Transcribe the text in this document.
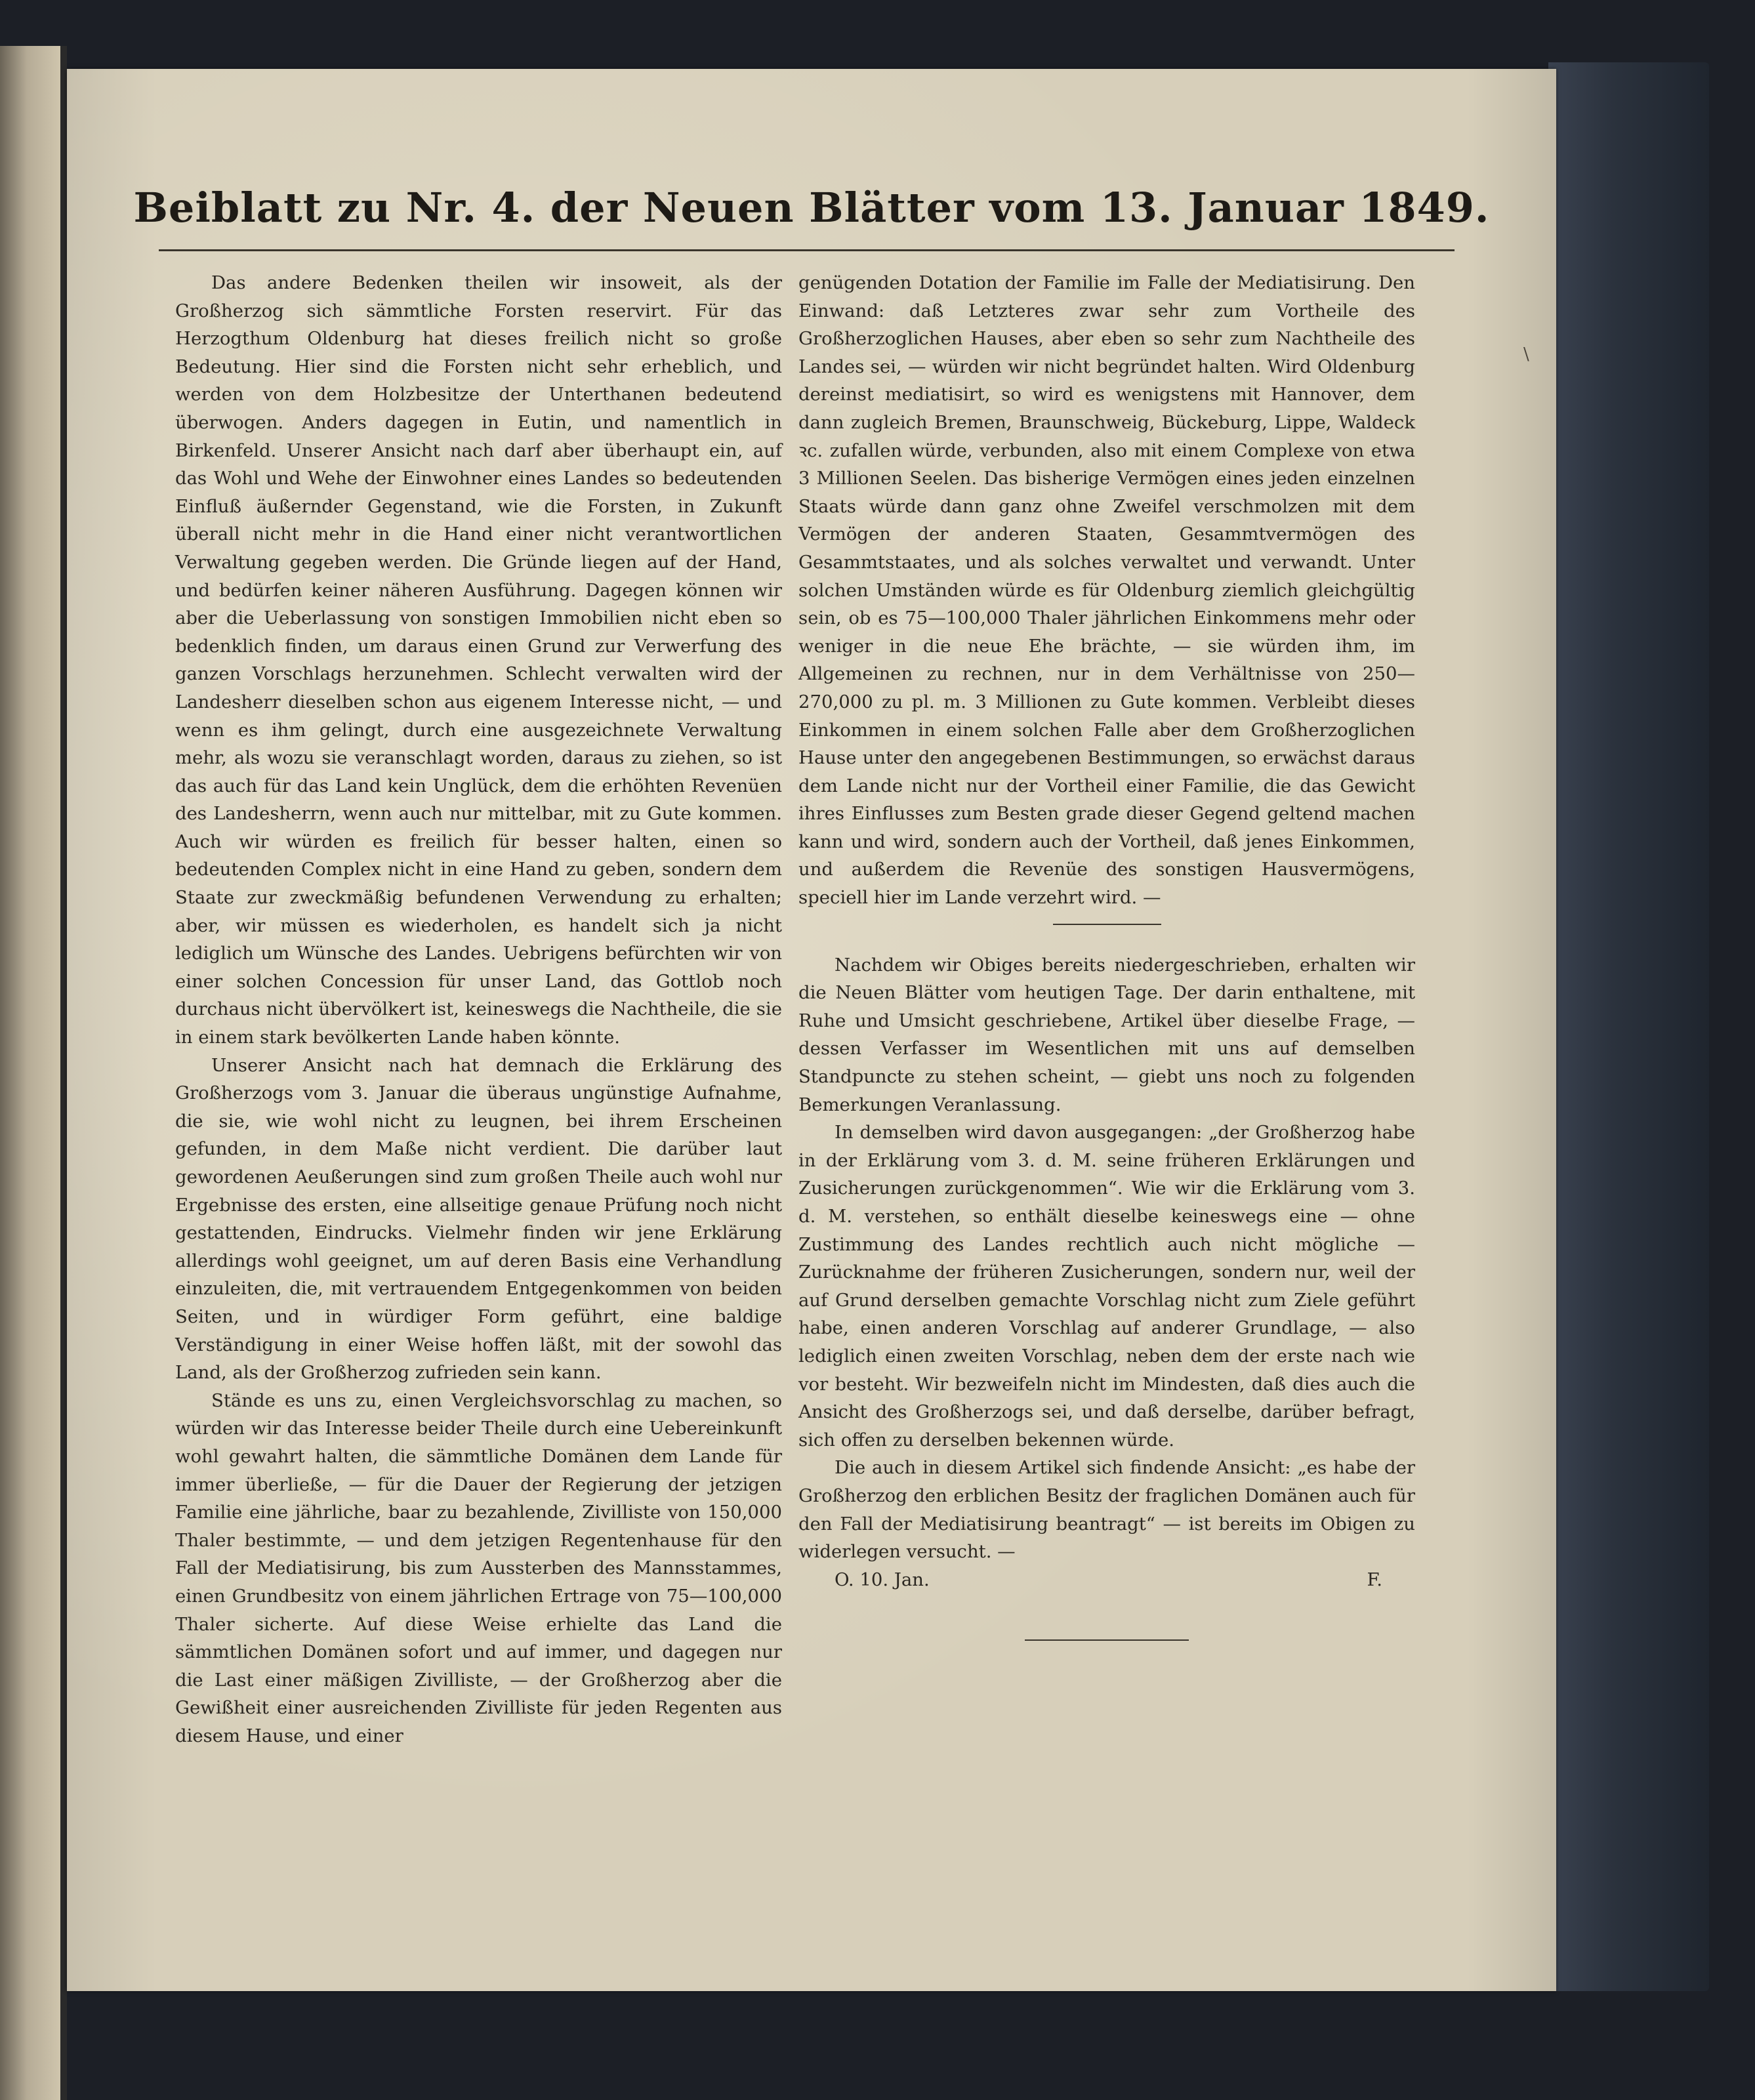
Beiblatt zu Nr. 4. der Neuen Blätter vom 13. Januar 1849.

Das andere Bedenken theilen wir insoweit, als der Großherzog sich sämmtliche Forsten reservirt. Für das Herzogthum Oldenburg hat dieses freilich nicht so große Bedeutung. Hier sind die Forsten nicht sehr erheblich, und werden von dem Holzbesitze der Unterthanen bedeutend überwogen. Anders dagegen in Eutin, und namentlich in Birkenfeld. Unserer Ansicht nach darf aber überhaupt ein, auf das Wohl und Wehe der Einwohner eines Landes so bedeutenden Einfluß äußernder Gegenstand, wie die Forsten, in Zukunft überall nicht mehr in die Hand einer nicht verantwortlichen Verwaltung gegeben werden. Die Gründe liegen auf der Hand, und bedürfen keiner näheren Ausführung. Dagegen können wir aber die Ueberlassung von sonstigen Immobilien nicht eben so bedenklich finden, um daraus einen Grund zur Verwerfung des ganzen Vorschlags herzunehmen. Schlecht verwalten wird der Landesherr dieselben schon aus eigenem Interesse nicht, — und wenn es ihm gelingt, durch eine ausgezeichnete Verwaltung mehr, als wozu sie veranschlagt worden, daraus zu ziehen, so ist das auch für das Land kein Unglück, dem die erhöhten Revenüen des Landesherrn, wenn auch nur mittelbar, mit zu Gute kommen. Auch wir würden es freilich für besser halten, einen so bedeutenden Complex nicht in eine Hand zu geben, sondern dem Staate zur zweckmäßig befundenen Verwendung zu erhalten; aber, wir müssen es wiederholen, es handelt sich ja nicht lediglich um Wünsche des Landes. Uebrigens befürchten wir von einer solchen Concession für unser Land, das Gottlob noch durchaus nicht übervölkert ist, keineswegs die Nachtheile, die sie in einem stark bevölkerten Lande haben könnte.

Unserer Ansicht nach hat demnach die Erklärung des Großherzogs vom 3. Januar die überaus ungünstige Aufnahme, die sie, wie wohl nicht zu leugnen, bei ihrem Erscheinen gefunden, in dem Maße nicht verdient. Die darüber laut gewordenen Aeußerungen sind zum großen Theile auch wohl nur Ergebnisse des ersten, eine allseitige genaue Prüfung noch nicht gestattenden, Eindrucks. Vielmehr finden wir jene Erklärung allerdings wohl geeignet, um auf deren Basis eine Verhandlung einzuleiten, die, mit vertrauendem Entgegenkommen von beiden Seiten, und in würdiger Form geführt, eine baldige Verständigung in einer Weise hoffen läßt, mit der sowohl das Land, als der Großherzog zufrieden sein kann.

Stände es uns zu, einen Vergleichsvorschlag zu machen, so würden wir das Interesse beider Theile durch eine Uebereinkunft wohl gewahrt halten, die sämmtliche Domänen dem Lande für immer überließe, — für die Dauer der Regierung der jetzigen Familie eine jährliche, baar zu bezahlende, Zivilliste von 150,000 Thaler bestimmte, — und dem jetzigen Regentenhause für den Fall der Mediatisirung, bis zum Aussterben des Mannsstammes, einen Grundbesitz von einem jährlichen Ertrage von 75—100,000 Thaler sicherte. Auf diese Weise erhielte das Land die sämmtlichen Domänen sofort und auf immer, und dagegen nur die Last einer mäßigen Zivilliste, — der Großherzog aber die Gewißheit einer ausreichenden Zivilliste für jeden Regenten aus diesem Hause, und einer

genügenden Dotation der Familie im Falle der Mediatisirung. Den Einwand: daß Letzteres zwar sehr zum Vortheile des Großherzoglichen Hauses, aber eben so sehr zum Nachtheile des Landes sei, — würden wir nicht begründet halten. Wird Oldenburg dereinst mediatisirt, so wird es wenigstens mit Hannover, dem dann zugleich Bremen, Braunschweig, Bückeburg, Lippe, Waldeck ꝛc. zufallen würde, verbunden, also mit einem Complexe von etwa 3 Millionen Seelen. Das bisherige Vermögen eines jeden einzelnen Staats würde dann ganz ohne Zweifel verschmolzen mit dem Vermögen der anderen Staaten, Gesammtvermögen des Gesammtstaates, und als solches verwaltet und verwandt. Unter solchen Umständen würde es für Oldenburg ziemlich gleichgültig sein, ob es 75—100,000 Thaler jährlichen Einkommens mehr oder weniger in die neue Ehe brächte, — sie würden ihm, im Allgemeinen zu rechnen, nur in dem Verhältnisse von 250—270,000 zu pl. m. 3 Millionen zu Gute kommen. Verbleibt dieses Einkommen in einem solchen Falle aber dem Großherzoglichen Hause unter den angegebenen Bestimmungen, so erwächst daraus dem Lande nicht nur der Vortheil einer Familie, die das Gewicht ihres Einflusses zum Besten grade dieser Gegend geltend machen kann und wird, sondern auch der Vortheil, daß jenes Einkommen, und außerdem die Revenüe des sonstigen Hausvermögens, speciell hier im Lande verzehrt wird. —

Nachdem wir Obiges bereits niedergeschrieben, erhalten wir die Neuen Blätter vom heutigen Tage. Der darin enthaltene, mit Ruhe und Umsicht geschriebene, Artikel über dieselbe Frage, — dessen Verfasser im Wesentlichen mit uns auf demselben Standpuncte zu stehen scheint, — giebt uns noch zu folgenden Bemerkungen Veranlassung.

In demselben wird davon ausgegangen: „der Großherzog habe in der Erklärung vom 3. d. M. seine früheren Erklärungen und Zusicherungen zurückgenommen“. Wie wir die Erklärung vom 3. d. M. verstehen, so enthält dieselbe keineswegs eine — ohne Zustimmung des Landes rechtlich auch nicht mögliche — Zurücknahme der früheren Zusicherungen, sondern nur, weil der auf Grund derselben gemachte Vorschlag nicht zum Ziele geführt habe, einen anderen Vorschlag auf anderer Grundlage, — also lediglich einen zweiten Vorschlag, neben dem der erste nach wie vor besteht. Wir bezweifeln nicht im Mindesten, daß dies auch die Ansicht des Großherzogs sei, und daß derselbe, darüber befragt, sich offen zu derselben bekennen würde.

Die auch in diesem Artikel sich findende Ansicht: „es habe der Großherzog den erblichen Besitz der fraglichen Domänen auch für den Fall der Mediatisirung beantragt“ — ist bereits im Obigen zu widerlegen versucht. —

O. 10. Jan.	F.
\
